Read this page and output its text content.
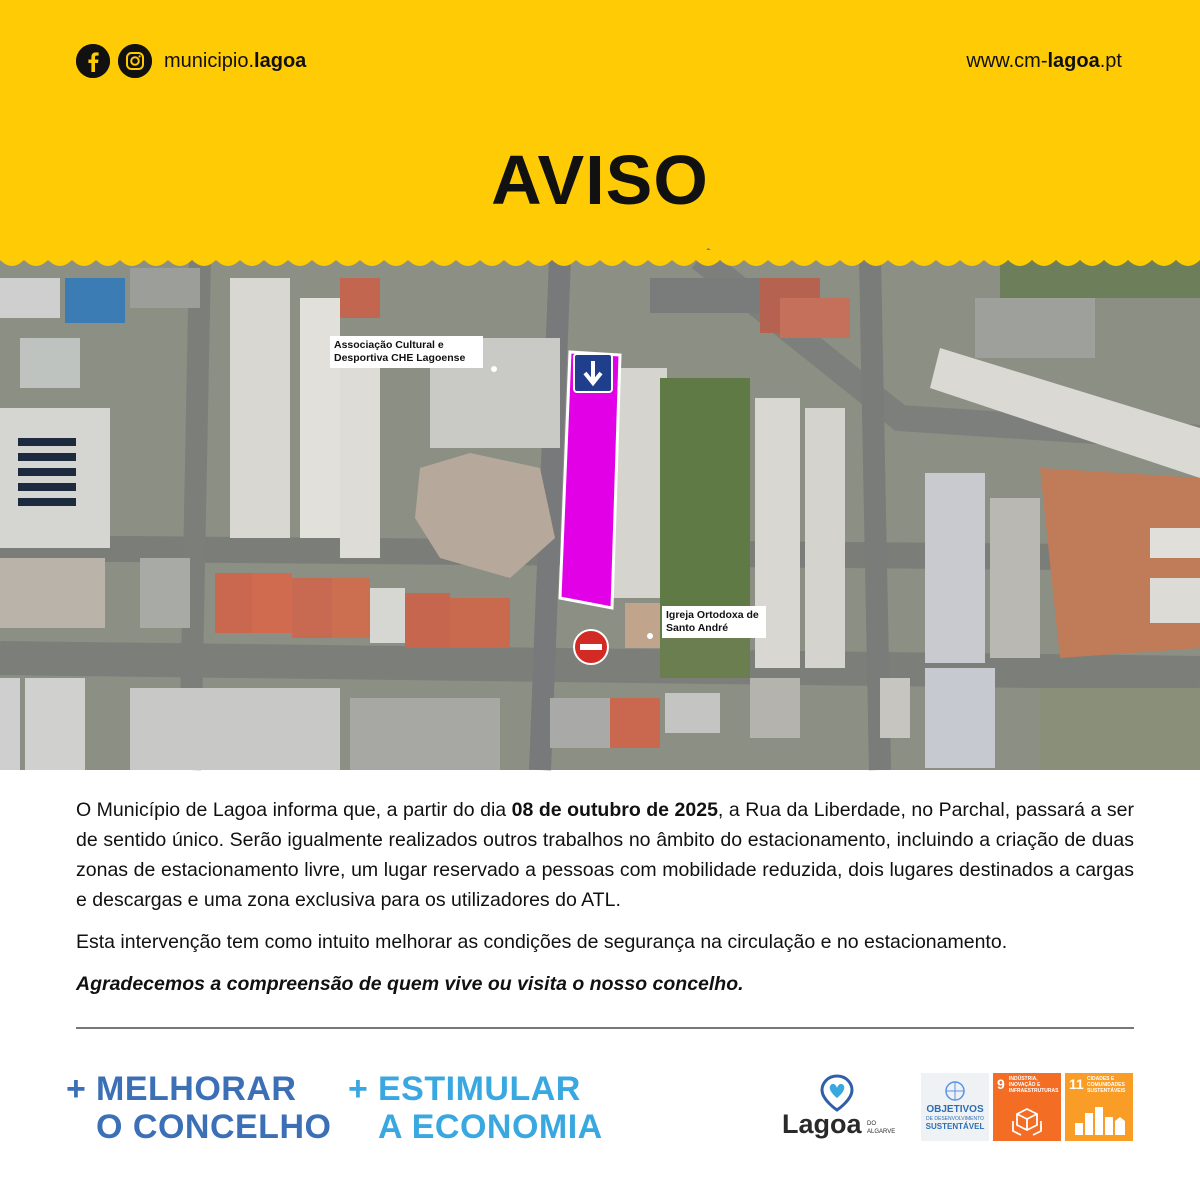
municipio.lagoa	www.cm-lagoa.pt
AVISO
Associação Cultural e Desportiva CHE Lagoense
Igreja Ortodoxa de Santo André

O Município de Lagoa informa que, a partir do dia 08 de outubro de 2025, a Rua da Liberdade, no Parchal, passará a ser de sentido único. Serão igualmente realizados outros trabalhos no âmbito do estacionamento, incluindo a criação de duas zonas de estacionamento livre, um lugar reservado a pessoas com mobilidade reduzida, dois lugares destinados a cargas e descargas e uma zona exclusiva para os utilizadores do ATL.

Esta intervenção tem como intuito melhorar as condições de segurança na circulação e no estacionamento.

Agradecemos a compreensão de quem vive ou visita o nosso concelho.

+ MELHORAR
O CONCELHO
+ ESTIMULAR
A ECONOMIA	Lagoa DO
ALGARVE
OBJETIVOS
DE DESENVOLVIMENTO
SUSTENTÁVEL
9 INDÚSTRIA, INOVAÇÃO E INFRAESTRUTURAS 11 CIDADES E COMUNIDADES SUSTENTÁVEIS
